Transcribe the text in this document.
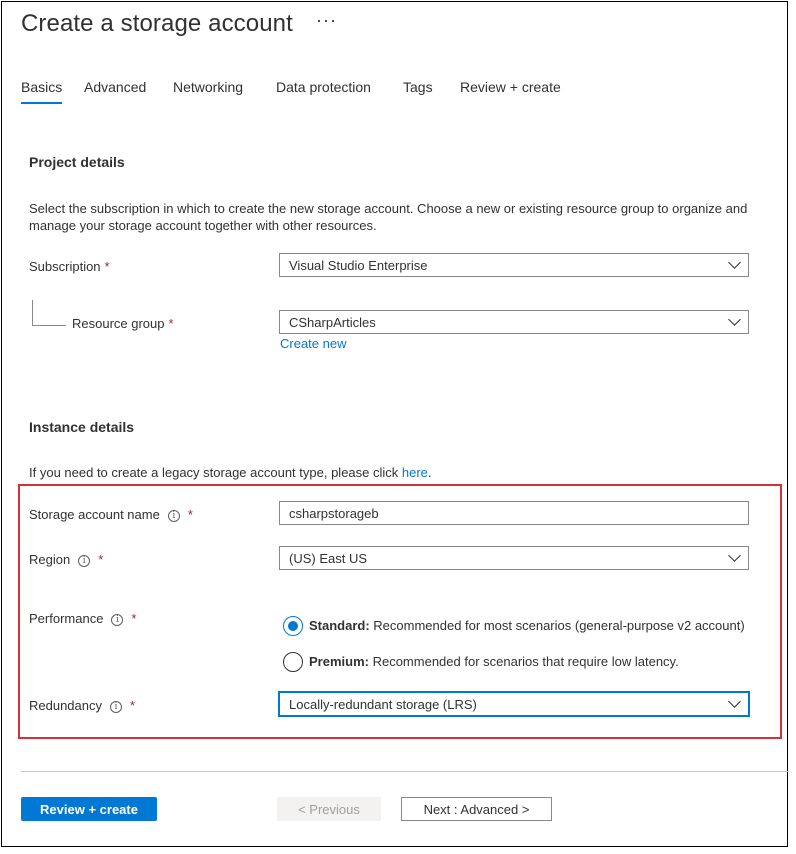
Create a storage account ···
Basics Advanced Networking Data protection Tags Review + create
Project details
Select the subscription in which to create the new storage account. Choose a new or existing resource group to organize and
manage your storage account together with other resources.
Subscription *	Visual Studio Enterprise
Resource group *	CSharpArticles
Create new
Instance details
If you need to create a legacy storage account type, please click here.
Storage account name i *	csharpstorageb
Region i *	(US) East US
Performance i *	Standard: Recommended for most scenarios (general-purpose v2 account)
Premium: Recommended for scenarios that require low latency.
Redundancy i *	Locally-redundant storage (LRS)
Review + create	< Previous	Next : Advanced >
